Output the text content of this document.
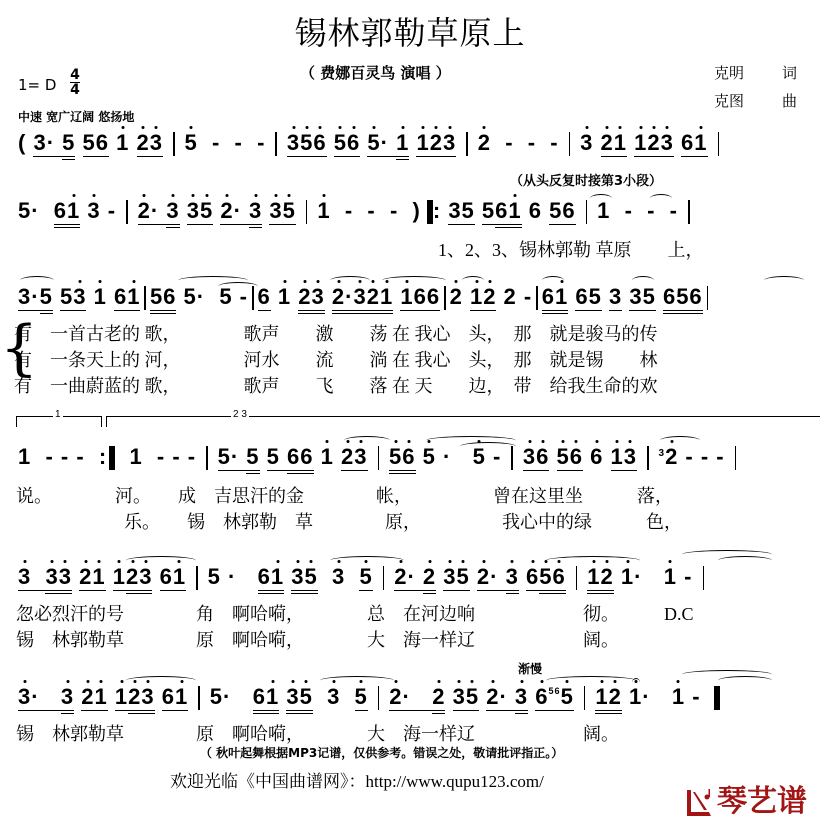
锡林郭勒草原上
（ 费娜百灵鸟 演唱 ）	克明	词
克图	曲
1= D
4
4
中速 宽广辽阔 悠扬地
( 3· 5 56 1 23 5  -  -  - 356 56 5· 1 123 2  -  -  - 3 21 123 61
（从头反复时接第3小段）
5·  61 3 - 2· 3 35 2· 3 35 1  -  -  -  ) : 35 561 6 56 1  -  -  -
1、2、3、锡林郭勒 草原　　上，
3·5 53 1 61 56 5·  5 - 6 1 23 2·321 166 2 12 2 - 61 65 3 35 656
{
有　一首古老的 歌，　　　　歌声　　激　　荡 在 我心　头，　那　就是骏马的传
有　一条天上的 河，　　　　河水　　流　　淌 在 我心　头，　那　就是锡　　林
有　一曲蔚蓝的 歌，　　　　歌声　　飞　　落 在 天　　边，　带　给我生命的欢
1	2 3
1  - - -  :  1  - - - 5· 5 5 66 1 23 56 5 ·   5 - 36 56 6 13 $^3$2 - - -
说。　　　　河。　　成　吉思汗的金　　　　帐，　　　　　曾在这里坐　　　落，
　　　　　　乐。　　锡　林郭勒　草　　　　原，　　　　　我心中的绿　　　色，
3 33 21 123 61 5 ·   61 35 3 5 2· 2 35 2· 3 656 12 1·   1 -
忽必烈汗的号　　　　角　啊哈嗬，　　　　总　在河边响　　　　　　彻。　　　D.C
锡　林郭勒草　　　　原　啊哈嗬，　　　　大　海一样辽　　　　　　阔。
渐慢
3·   3 21 123 61 5·   61 35 3 5 2·   2 35 2· 3 6$^{56}$5 12 1·   1 -
锡　林郭勒草　　　　原　啊哈嗬，　　　　大　海一样辽　　　　　　阔。
（ 秋叶起舞根据MP3记谱，仅供参考。错误之处，敬请批评指正。）
欢迎光临《中国曲谱网》：http://www.qupu123.com/
琴艺谱
